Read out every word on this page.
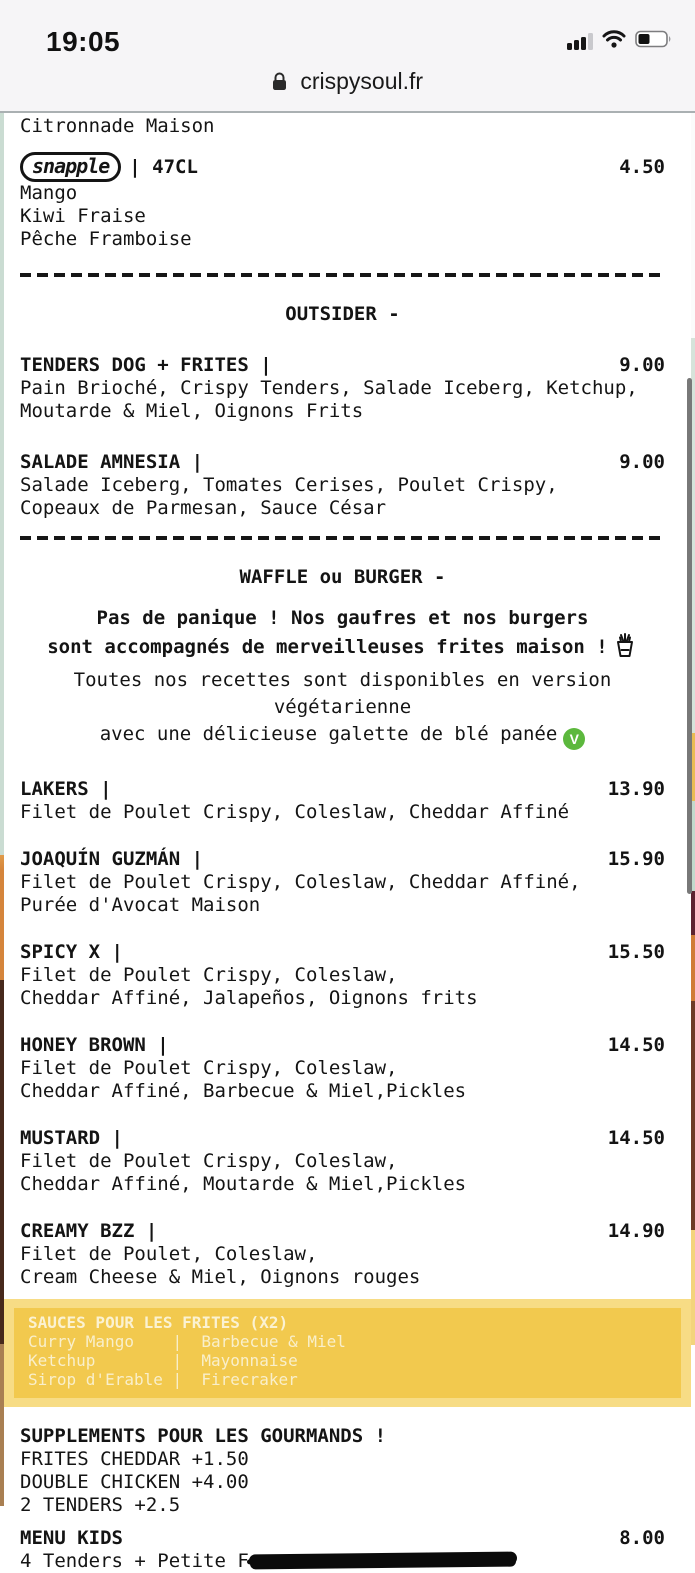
19:05
crispysoul.fr
Citronnade Maison
snapple | 47CL	4.50
Mango
Kiwi Fraise
Pêche Framboise
OUTSIDER -
TENDERS DOG + FRITES |	9.00
Pain Brioché, Crispy Tenders, Salade Iceberg, Ketchup,
Moutarde & Miel, Oignons Frits
SALADE AMNESIA |	9.00
Salade Iceberg, Tomates Cerises, Poulet Crispy,
Copeaux de Parmesan, Sauce César
WAFFLE ou BURGER -
Pas de panique ! Nos gaufres et nos burgers
sont accompagnés de merveilleuses frites maison !
Toutes nos recettes sont disponibles en version végétarienne
avec une délicieuse galette de blé panée V
LAKERS |	13.90
Filet de Poulet Crispy, Coleslaw, Cheddar Affiné
JOAQUÍN GUZMÁN |	15.90
Filet de Poulet Crispy, Coleslaw, Cheddar Affiné,
Purée d'Avocat Maison
SPICY X |	15.50
Filet de Poulet Crispy, Coleslaw,
Cheddar Affiné, Jalapeños, Oignons frits
HONEY BROWN |	14.50
Filet de Poulet Crispy, Coleslaw,
Cheddar Affiné, Barbecue & Miel,Pickles
MUSTARD |	14.50
Filet de Poulet Crispy, Coleslaw,
Cheddar Affiné, Moutarde & Miel,Pickles
CREAMY BZZ |	14.90
Filet de Poulet, Coleslaw,
Cream Cheese & Miel, Oignons rouges
SAUCES POUR LES FRITES (X2)
Curry Mango    |  Barbecue & Miel
Ketchup        |  Mayonnaise
Sirop d'Erable |  Firecraker
SUPPLEMENTS POUR LES GOURMANDS !
FRITES CHEDDAR +1.50
DOUBLE CHICKEN +4.00
2 TENDERS +2.5
MENU KIDS	8.00
4 Tenders + Petite F
